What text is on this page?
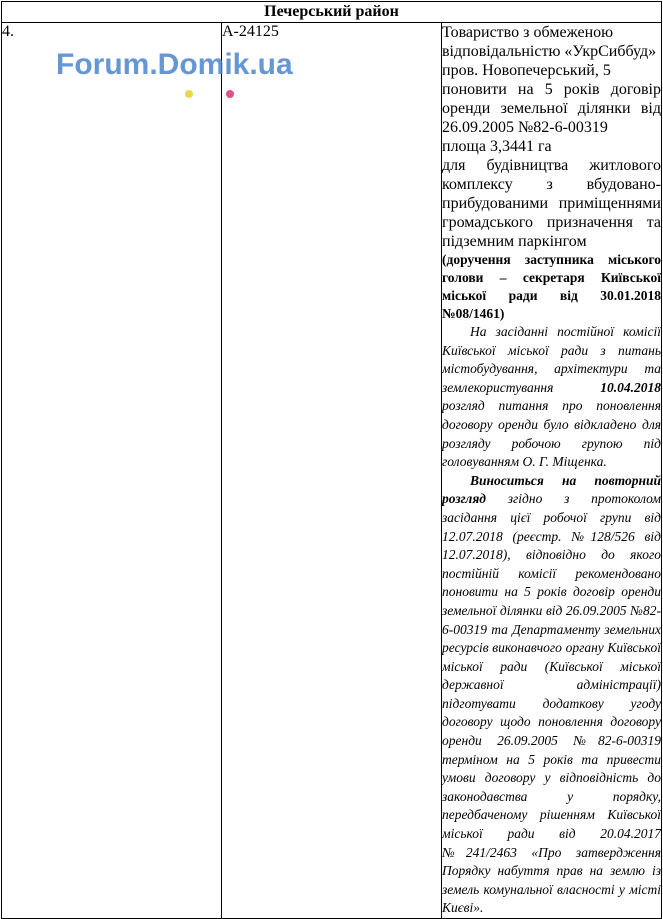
Печерський район
4.	А-24125	Товариство з обмеженою відповідальністю «УкрСиббуд»
пров. Новопечерський, 5
поновити на 5 років договір оренди земельної ділянки від 26.09.2005 №82-6-00319
площа 3,3441 га
для будівництва житлового комплексу з вбудовано-прибудованими приміщеннями громадського призначення та підземним паркінгом
(доручення заступника міського голови – секретаря Київської міської ради від 30.01.2018 №08/1461)
На засіданні постійної комісії Київської міської ради з питань містобудування, архітектури та землекористування 10.04.2018 розгляд питання про поновлення договору оренди було відкладено для розгляду робочою групою під головуванням О. Г. Міщенка.
Виноситься на повторний розгляд згідно з протоколом засідання цієї робочої групи від 12.07.2018 (реєстр. №128/526 від 12.07.2018), відповідно до якого постійній комісії рекомендовано поновити на 5 років договір оренди земельної ділянки від 26.09.2005 №82-6-00319 та Департаменту земельних ресурсів виконавчого органу Київської міської ради (Київської міської державної адміністрації) підготувати додаткову угоду договору щодо поновлення договору оренди 26.09.2005 №82-6-00319 терміном на 5 років та привести умови договору у відповідність до законодавства у порядку, передбаченому рішенням Київської міської ради від 20.04.2017 №241/2463 «Про затвердження Порядку набуття прав на землю із земель комунальної власності у місті Києві».
Forum.Domik.ua
